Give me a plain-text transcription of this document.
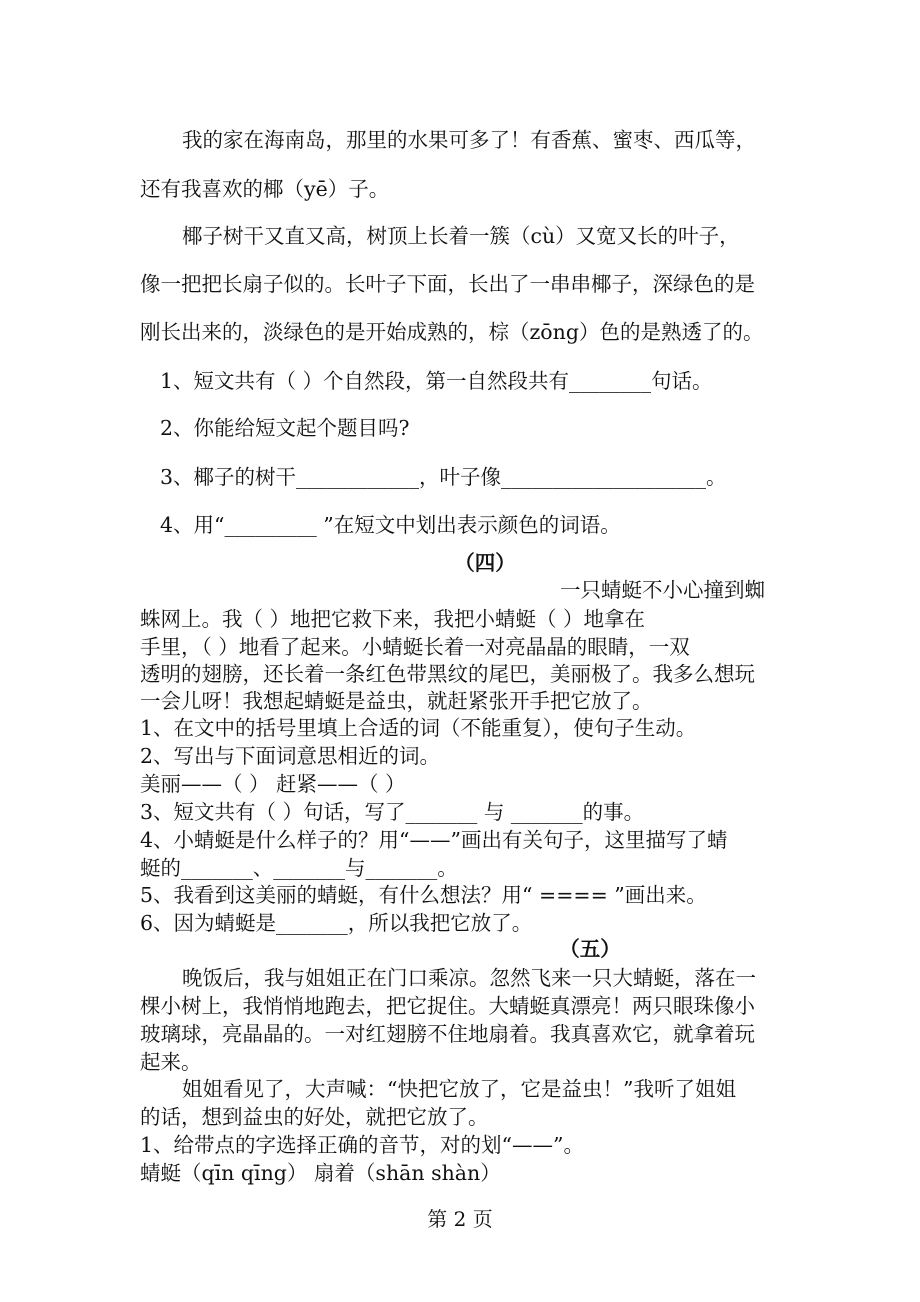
我的家在海南岛，那里的水果可多了！有香蕉、蜜枣、西瓜等，
还有我喜欢的椰（yē）子。
椰子树干又直又高，树顶上长着一簇（cù）又宽又长的叶子，
像一把把长扇子似的。长叶子下面，长出了一串串椰子，深绿色的是
刚长出来的，淡绿色的是开始成熟的，棕（zōng）色的是熟透了的。
1、短文共有（ ）个自然段，第一自然段共有________句话。
2、你能给短文起个题目吗?
3、椰子的树干____________，叶子像____________________。
4、用“_________ ”在短文中划出表示颜色的词语。
（四）
一只蜻蜓不小心撞到蜘
蛛网上。我（ ）地把它救下来，我把小蜻蜓（ ）地拿在
手里，（ ）地看了起来。小蜻蜓长着一对亮晶晶的眼睛，一双
透明的翅膀，还长着一条红色带黑纹的尾巴，美丽极了。我多么想玩
一会儿呀！我想起蜻蜓是益虫，就赶紧张开手把它放了。
1、在文中的括号里填上合适的词（不能重复），使句子生动。
2、写出与下面词意思相近的词。
美丽——（ ） 赶紧——（ ）
3、短文共有（ ）句话，写了_______ 与 _______的事。
4、小蜻蜓是什么样子的？用“——”画出有关句子，这里描写了蜻
蜓的_______、_______与_______。
5、我看到这美丽的蜻蜓，有什么想法？用“ ==== ”画出来。
6、因为蜻蜓是_______，所以我把它放了。
（五）
晚饭后，我与姐姐正在门口乘凉。忽然飞来一只大蜻蜓，落在一
棵小树上，我悄悄地跑去，把它捉住。大蜻蜓真漂亮！两只眼珠像小
玻璃球，亮晶晶的。一对红翅膀不住地扇着。我真喜欢它，就拿着玩
起来。
姐姐看见了，大声喊：“快把它放了，它是益虫！”我听了姐姐
的话，想到益虫的好处，就把它放了。
1、给带点的字选择正确的音节，对的划“——”。
蜻蜓（qīn qīng） 扇着（shān shàn）
第 2 页
